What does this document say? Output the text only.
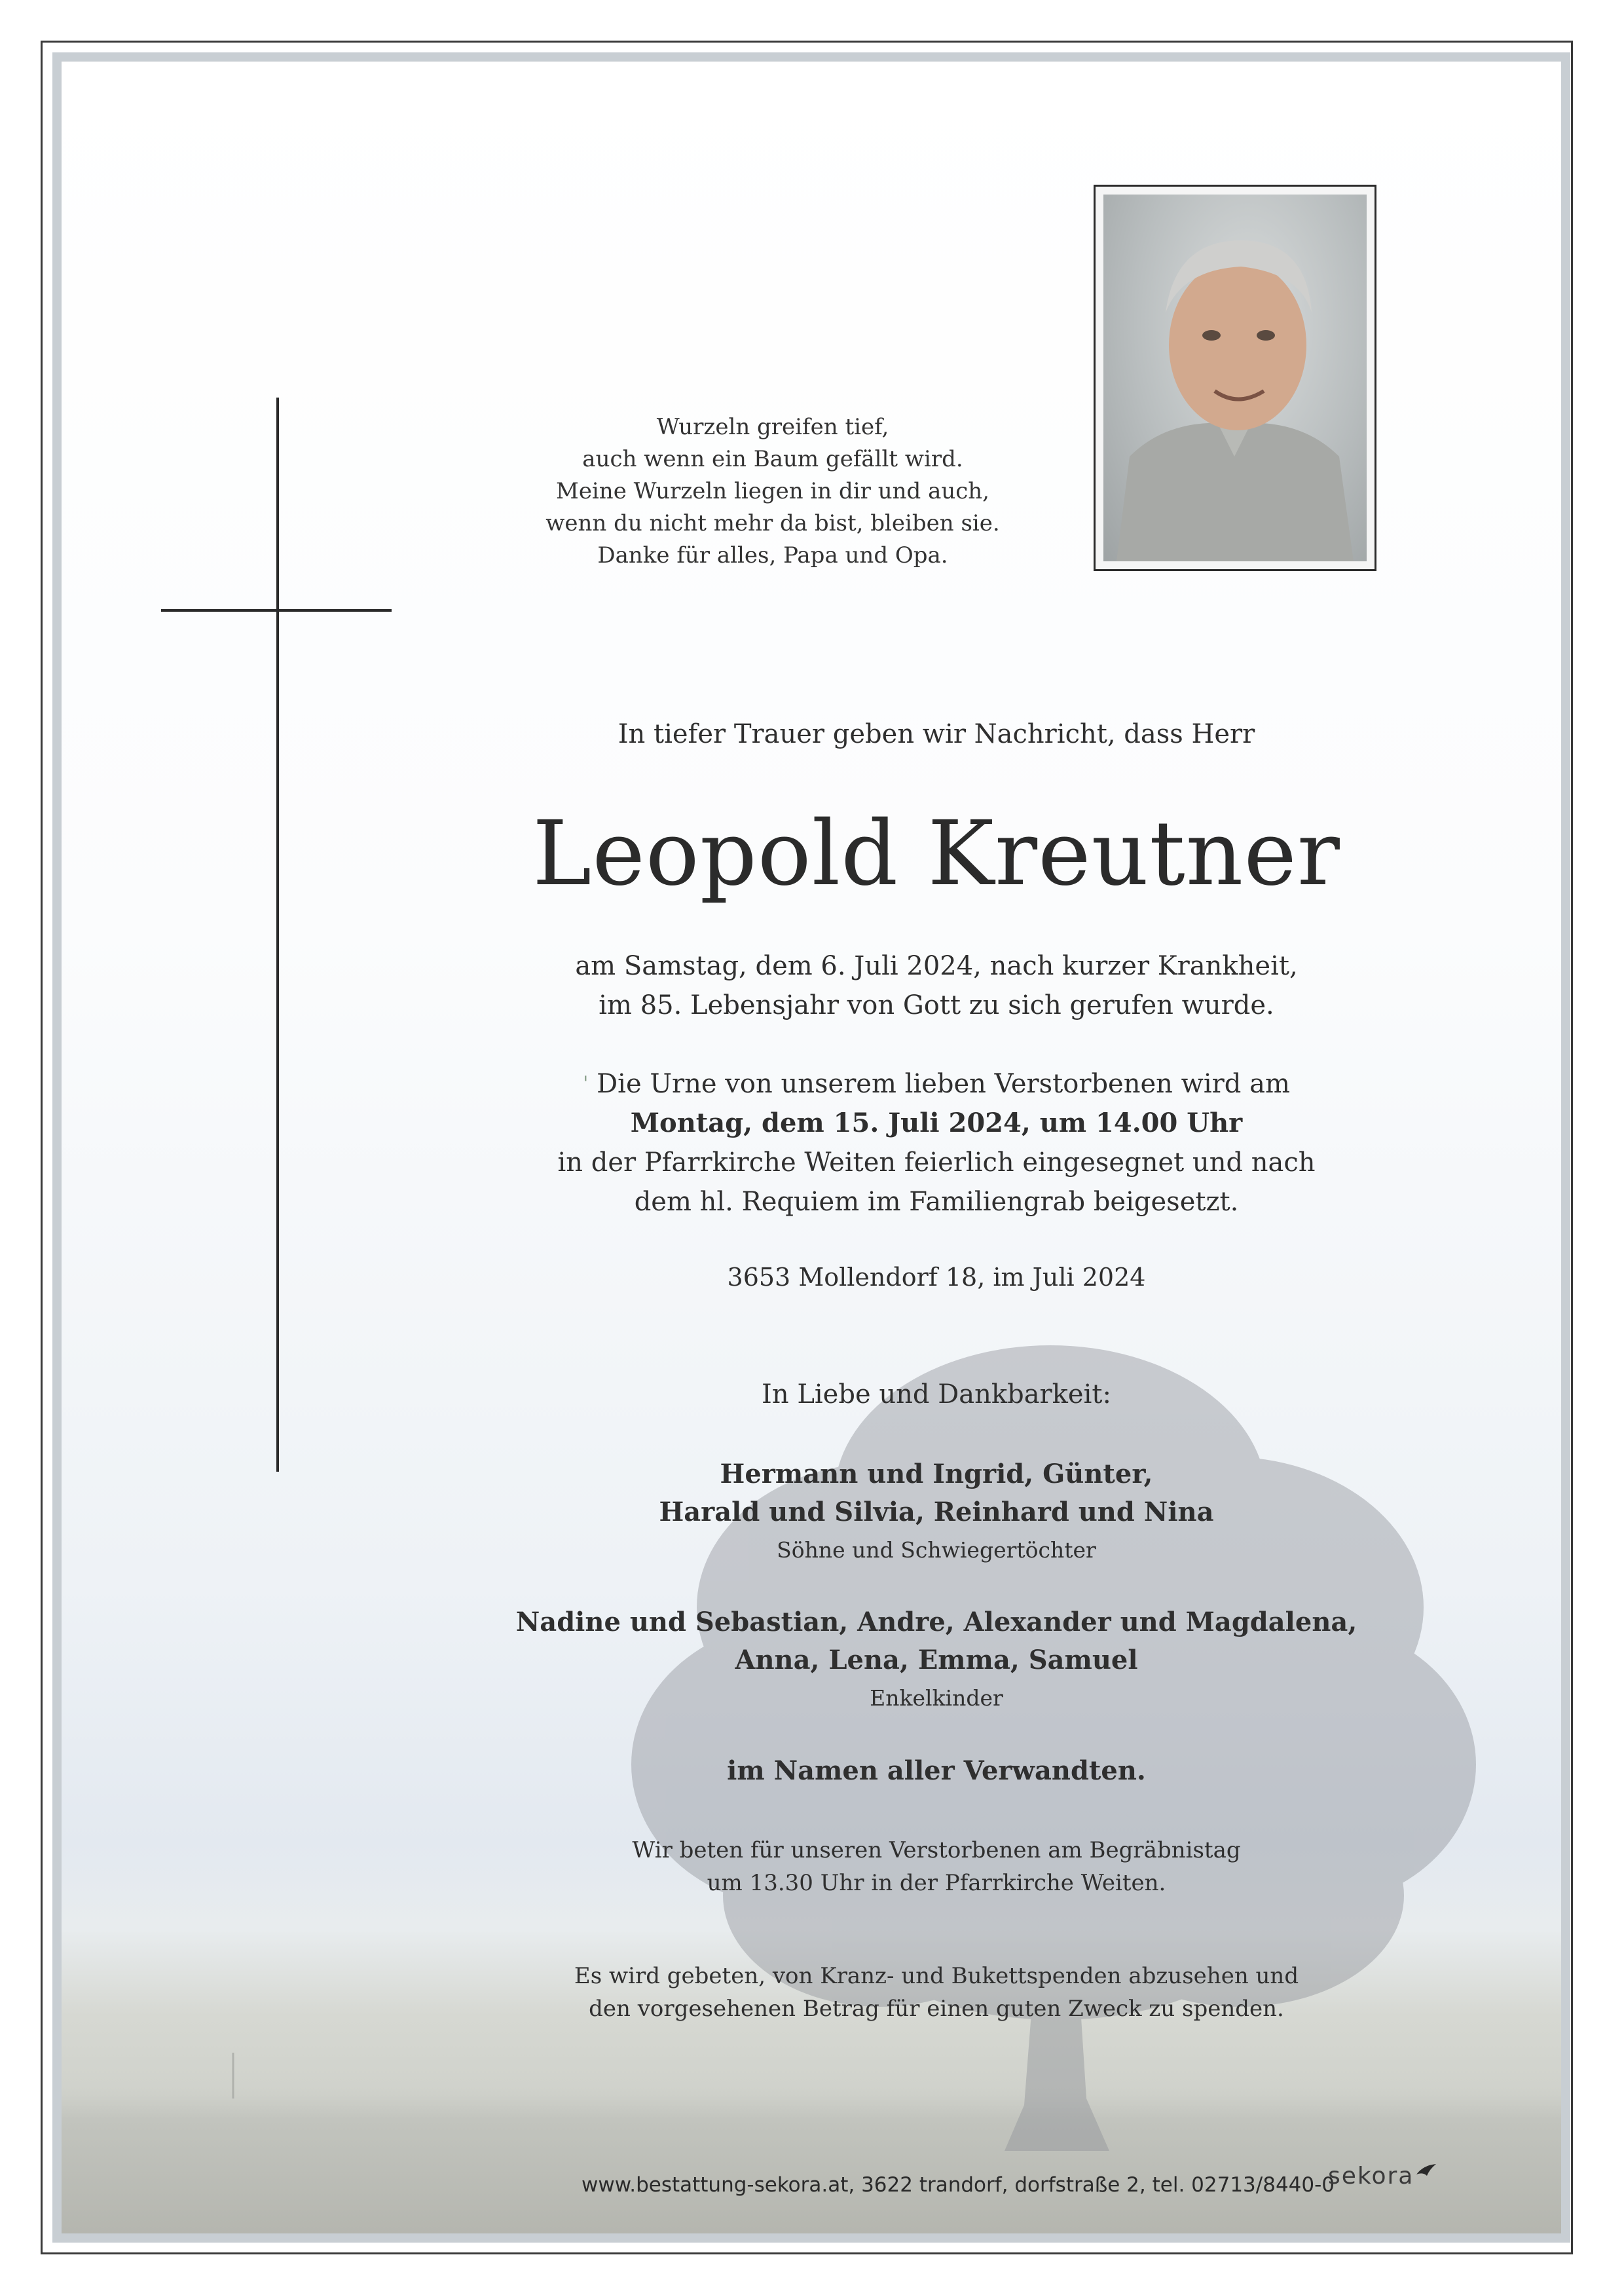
Wurzeln greifen tief,
auch wenn ein Baum gefällt wird.
Meine Wurzeln liegen in dir und auch,
wenn du nicht mehr da bist, bleiben sie.
Danke für alles, Papa und Opa.
In tiefer Trauer geben wir Nachricht, dass Herr
Leopold Kreutner
am Samstag, dem 6. Juli 2024, nach kurzer Krankheit,
im 85. Lebensjahr von Gott zu sich gerufen wurde.
' Die Urne von unserem lieben Verstorbenen wird am
Montag, dem 15. Juli 2024, um 14.00 Uhr
in der Pfarrkirche Weiten feierlich eingesegnet und nach
dem hl. Requiem im Familiengrab beigesetzt.
3653 Mollendorf 18, im Juli 2024
In Liebe und Dankbarkeit:
Hermann und Ingrid, Günter,
Harald und Silvia, Reinhard und Nina
Söhne und Schwiegertöchter
Nadine und Sebastian, Andre, Alexander und Magdalena,
Anna, Lena, Emma, Samuel
Enkelkinder
im Namen aller Verwandten.
Wir beten für unseren Verstorbenen am Begräbnistag
um 13.30 Uhr in der Pfarrkirche Weiten.
Es wird gebeten, von Kranz- und Bukettspenden abzusehen und
den vorgesehenen Betrag für einen guten Zweck zu spenden.
www.bestattung-sekora.at, 3622 trandorf, dorfstraße 2, tel. 02713/8440-0
sekora
